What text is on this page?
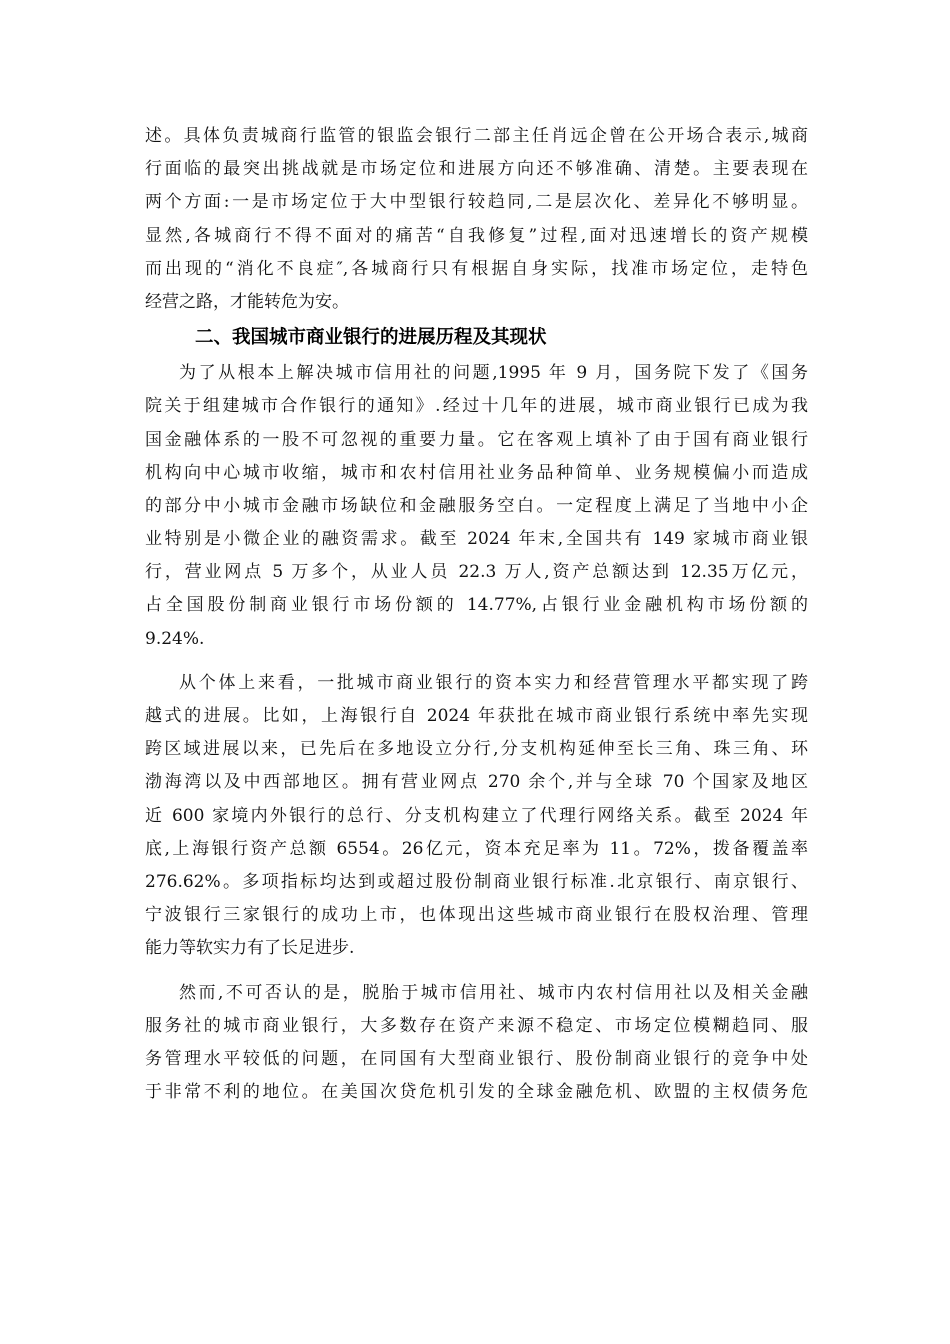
述。具体负责城商行监管的银监会银行二部主任肖远企曾在公开场合表示,城商
行面临的最突出挑战就是市场定位和进展方向还不够准确、清楚。主要表现在
两个方面:一是市场定位于大中型银行较趋同,二是层次化、差异化不够明显。
显然,各城商行不得不面对的痛苦“自我修复”过程,面对迅速增长的资产规模
而出现的“消化不良症″,各城商行只有根据自身实际，找准市场定位，走特色
经营之路，才能转危为安。
二、我国城市商业银行的进展历程及其现状
为了从根本上解决城市信用社的问题,1995 年 9 月，国务院下发了《国务
院关于组建城市合作银行的通知》.经过十几年的进展，城市商业银行已成为我
国金融体系的一股不可忽视的重要力量。它在客观上填补了由于国有商业银行
机构向中心城市收缩，城市和农村信用社业务品种简单、业务规模偏小而造成
的部分中小城市金融市场缺位和金融服务空白。一定程度上满足了当地中小企
业特别是小微企业的融资需求。截至 2024 年末,全国共有 149 家城市商业银
行，营业网点 5 万多个，从业人员 22.3 万人,资产总额达到 12.35万亿元，
占全国股份制商业银行市场份额的 14.77%,占银行业金融机构市场份额的
9.24%.
从个体上来看，一批城市商业银行的资本实力和经营管理水平都实现了跨
越式的进展。比如，上海银行自 2024 年获批在城市商业银行系统中率先实现
跨区域进展以来，已先后在多地设立分行,分支机构延伸至长三角、珠三角、环
渤海湾以及中西部地区。拥有营业网点 270 余个,并与全球 70 个国家及地区
近 600 家境内外银行的总行、分支机构建立了代理行网络关系。截至 2024 年
底,上海银行资产总额 6554。26亿元，资本充足率为 11。72%，拨备覆盖率
276.62%。多项指标均达到或超过股份制商业银行标准.北京银行、南京银行、
宁波银行三家银行的成功上市，也体现出这些城市商业银行在股权治理、管理
能力等软实力有了长足进步.
然而,不可否认的是，脱胎于城市信用社、城市内农村信用社以及相关金融
服务社的城市商业银行，大多数存在资产来源不稳定、市场定位模糊趋同、服
务管理水平较低的问题，在同国有大型商业银行、股份制商业银行的竞争中处
于非常不利的地位。在美国次贷危机引发的全球金融危机、欧盟的主权债务危
